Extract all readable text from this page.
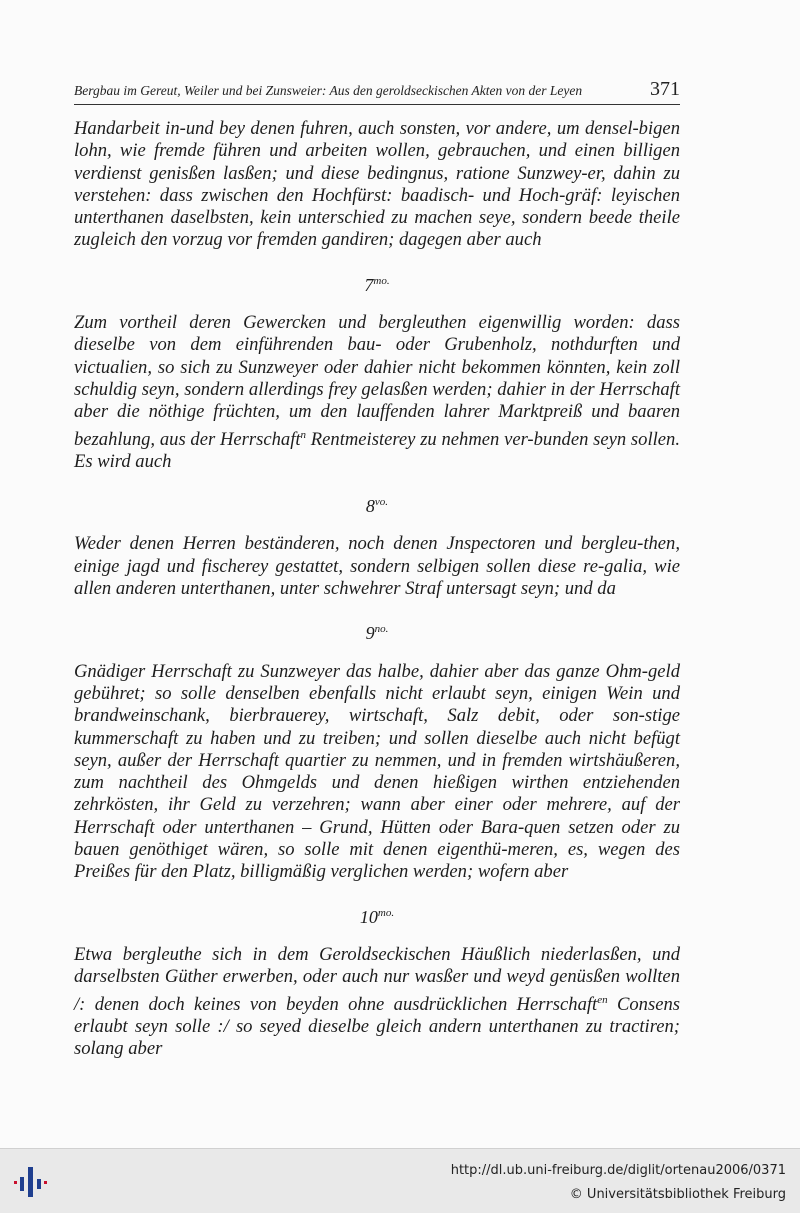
Bergbau im Gereut, Weiler und bei Zunsweier: Aus den geroldseckischen Akten von der Leyen	371

Handarbeit in-und bey denen fuhren, auch sonsten, vor andere, um densel-bigen lohn, wie fremde führen und arbeiten wollen, gebrauchen, und einen billigen verdienst genisßen lasßen; und diese bedingnus, ratione Sunzwey-er, dahin zu verstehen: dass zwischen den Hochfürst: baadisch- und Hoch-gräf: leyischen unterthanen daselbsten, kein unterschied zu machen seye, sondern beede theile zugleich den vorzug vor fremden gandiren; dagegen aber auch

$7^{mo.}$

Zum vortheil deren Gewercken und bergleuthen eigenwillig worden: dass dieselbe von dem einführenden bau- oder Grubenholz, nothdurften und victualien, so sich zu Sunzweyer oder dahier nicht bekommen könnten, kein zoll schuldig seyn, sondern allerdings frey gelasßen werden; dahier in der Herrschaft aber die nöthige früchten, um den lauffenden lahrer Marktpreiß und baaren bezahlung, aus der Herrschaft$^n$ Rentmeisterey zu nehmen ver-bunden seyn sollen. Es wird auch

$8^{vo.}$

Weder denen Herren beständeren, noch denen Jnspectoren und bergleu-then, einige jagd und fischerey gestattet, sondern selbigen sollen diese re-galia, wie allen anderen unterthanen, unter schwehrer Straf untersagt seyn; und da

$9^{no.}$

Gnädiger Herrschaft zu Sunzweyer das halbe, dahier aber das ganze Ohm-geld gebühret; so solle denselben ebenfalls nicht erlaubt seyn, einigen Wein und brandweinschank, bierbrauerey, wirtschaft, Salz debit, oder son-stige kummerschaft zu haben und zu treiben; und sollen dieselbe auch nicht befügt seyn, außer der Herrschaft quartier zu nemmen, und in fremden wirtshäußeren, zum nachtheil des Ohmgelds und denen hießigen wirthen entziehenden zehrkösten, ihr Geld zu verzehren; wann aber einer oder mehrere, auf der Herrschaft oder unterthanen – Grund, Hütten oder Bara-quen setzen oder zu bauen genöthiget wären, so solle mit denen eigenthü-meren, es, wegen des Preißes für den Platz, billigmäßig verglichen werden; wofern aber

$10^{mo.}$

Etwa bergleuthe sich in dem Geroldseckischen Häußlich niederlasßen, und darselbsten Güther erwerben, oder auch nur wasßer und weyd genüsßen wollten /: denen doch keines von beyden ohne ausdrücklichen Herrschaft$^{en}$ Consens erlaubt seyn solle :/ so seyed dieselbe gleich andern unterthanen zu tractiren; solang aber

http://dl.ub.uni-freiburg.de/diglit/ortenau2006/0371
© Universitätsbibliothek Freiburg
